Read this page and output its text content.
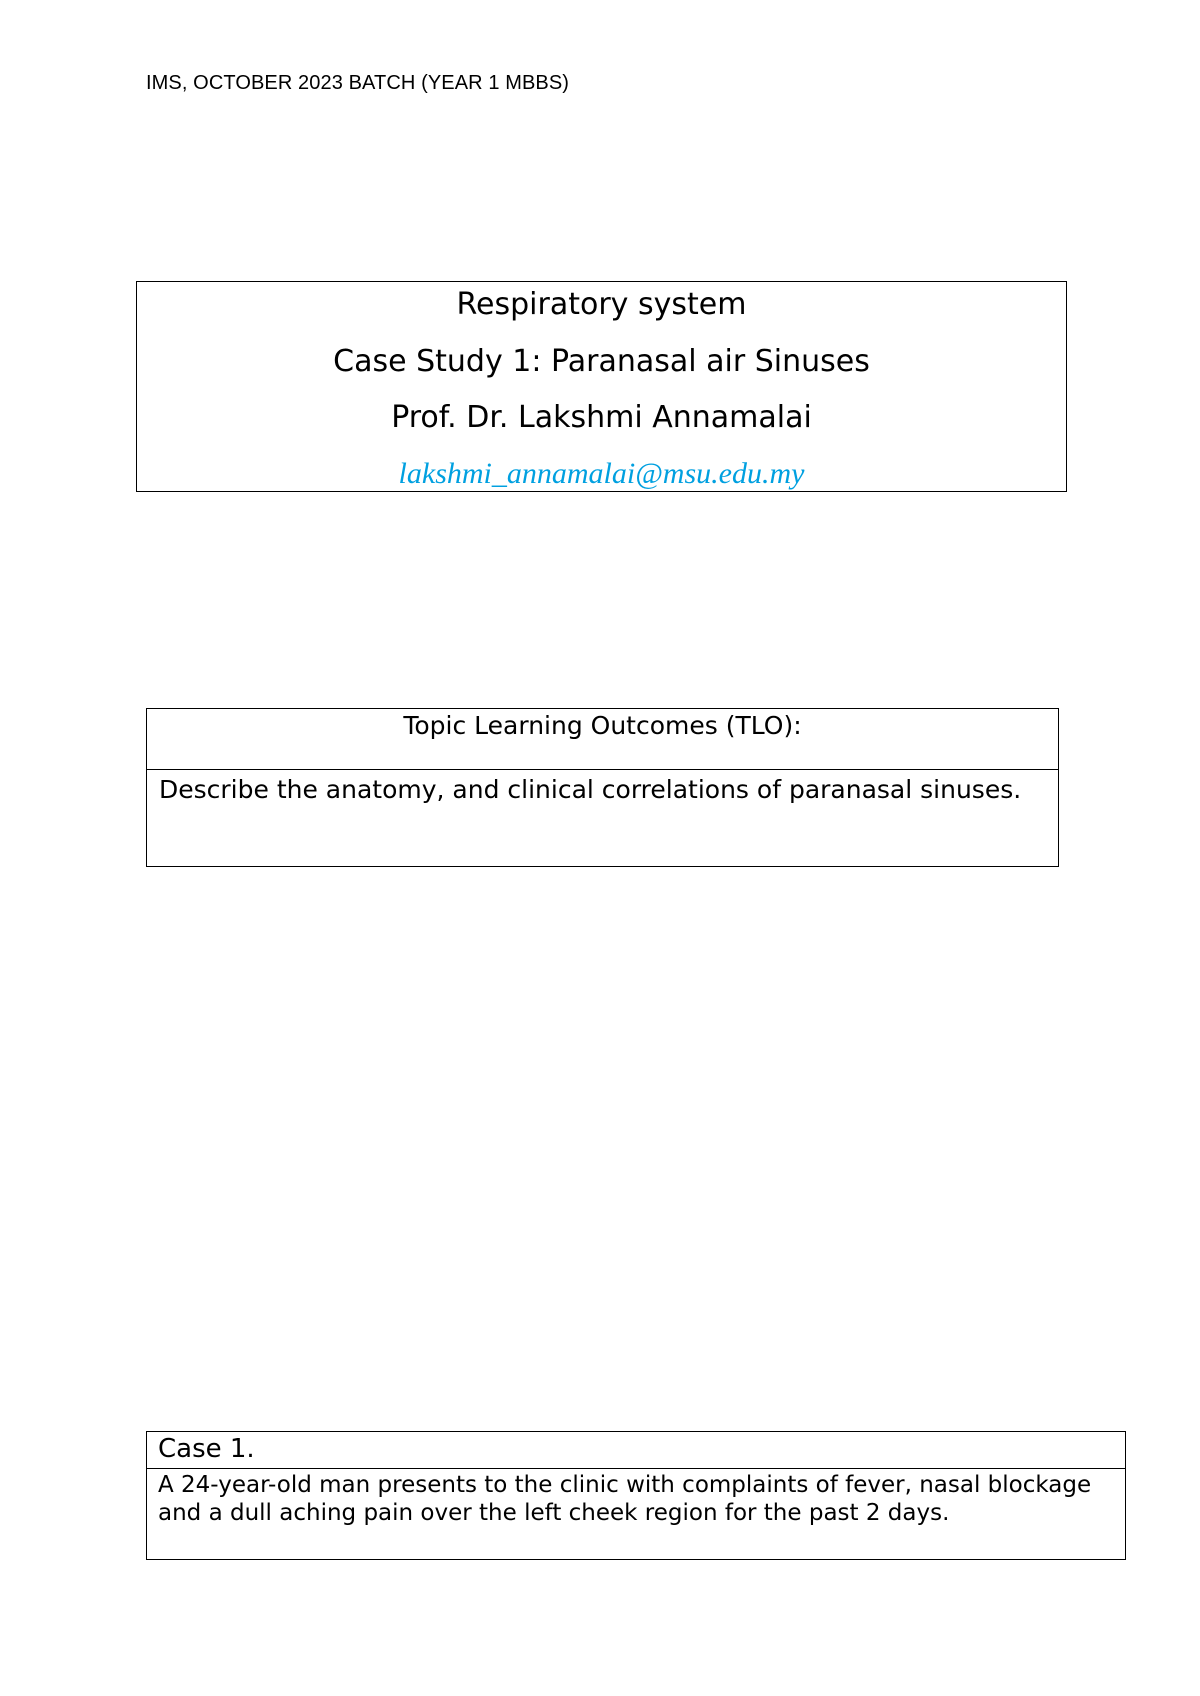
IMS, OCTOBER 2023 BATCH (YEAR 1 MBBS)
Respiratory system
Case Study 1: Paranasal air Sinuses
Prof. Dr. Lakshmi Annamalai
lakshmi_annamalai@msu.edu.my
Topic Learning Outcomes (TLO):
Describe the anatomy, and clinical correlations of paranasal sinuses.
Case 1.
A 24-year-old man presents to the clinic with complaints of fever, nasal blockage and a dull aching pain over the left cheek region for the past 2 days.
